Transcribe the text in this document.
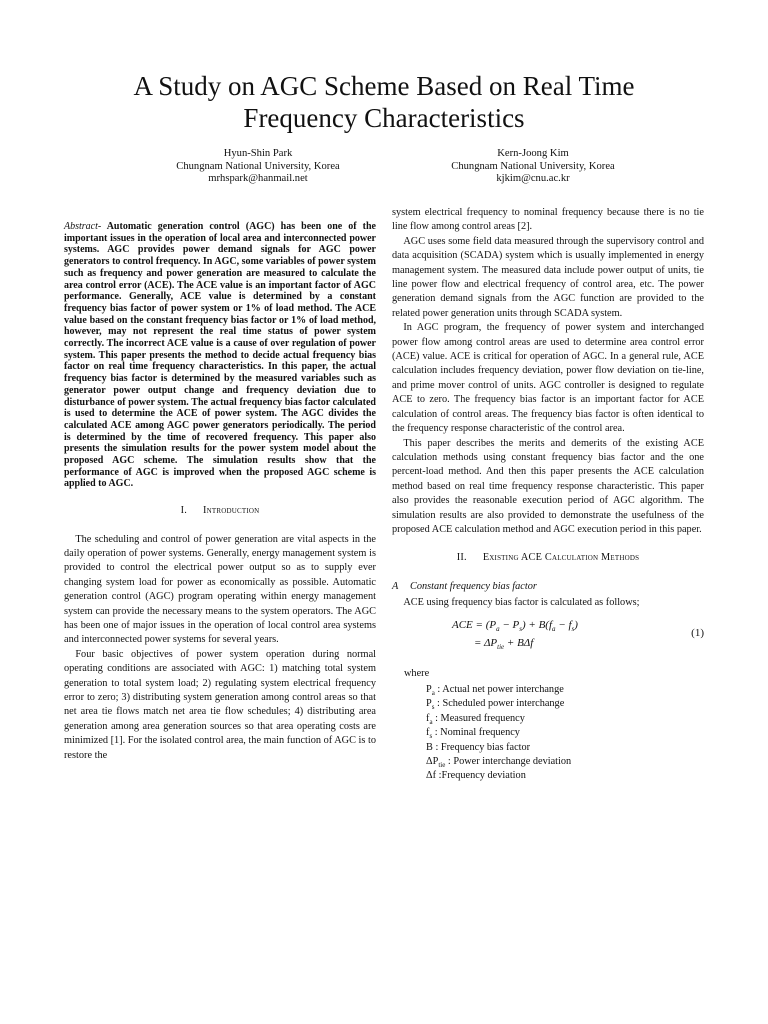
A Study on AGC Scheme Based on Real Time
Frequency Characteristics
Hyun-Shin Park
Chungnam National University, Korea
mrhspark@hanmail.net
Kern-Joong Kim
Chungnam National University, Korea
kjkim@cnu.ac.kr

Abstract- Automatic generation control (AGC) has been one of the important issues in the operation of local area and interconnected power systems. AGC provides power demand signals for AGC power generators to control frequency. In AGC, some variables of power system such as frequency and power generation are measured to calculate the area control error (ACE). The ACE value is an important factor of AGC performance. Generally, ACE value is determined by a constant frequency bias factor of power system or 1% of load method. The ACE value based on the constant frequency bias factor or 1% of load method, however, may not represent the real time status of power system correctly. The incorrect ACE value is a cause of over regulation of power system. This paper presents the method to decide actual frequency bias factor on real time frequency characteristics. In this paper, the actual frequency bias factor is determined by the measured variables such as generator power output change and frequency deviation due to disturbance of power system. The actual frequency bias factor calculated is used to determine the ACE of power system. The AGC divides the calculated ACE among AGC power generators periodically. The period is determined by the time of recovered frequency. This paper also presents the simulation results for the power system model about the proposed AGC scheme. The simulation results show that the performance of AGC is improved when the proposed AGC scheme is applied to AGC.

I. Introduction

The scheduling and control of power generation are vital aspects in the daily operation of power systems. Generally, energy management system is provided to control the electrical power output so as to supply ever changing system load for power as economically as possible. Automatic generation control (AGC) program operating within energy management system can provide the necessary means to the system operators. The AGC has been one of major issues in the operation of local control area systems and interconnected power systems for several years.

Four basic objectives of power system operation during normal operating conditions are associated with AGC: 1) matching total system generation to total system load; 2) regulating system electrical frequency error to zero; 3) distributing system generation among control areas so that net area tie flows match net area tie flow schedules; 4) distributing area generation among area generation sources so that area operating costs are minimized [1]. For the isolated control area, the main function of AGC is to restore the

system electrical frequency to nominal frequency because there is no tie line flow among control areas [2].

AGC uses some field data measured through the supervisory control and data acquisition (SCADA) system which is usually implemented in energy management system. The measured data include power output of units, tie line power flow and electrical frequency of control area, etc. The power generation demand signals from the AGC function are provided to the related power generation units through SCADA system.

In AGC program, the frequency of power system and interchanged power flow among control areas are used to determine area control error (ACE) value. ACE is critical for operation of AGC. In a general rule, ACE calculation includes frequency deviation, power flow deviation on tie-line, and prime mover control of units. AGC controller is designed to regulate ACE to zero. The frequency bias factor is an important factor for ACE calculation of control areas. The frequency bias factor is often identical to the frequency response characteristic of the control area.

This paper describes the merits and demerits of the existing ACE calculation methods using constant frequency bias factor and the one percent-load method. And then this paper presents the ACE calculation method based on real time frequency response characteristic. This paper also provides the reasonable execution period of AGC algorithm. The simulation results are also provided to demonstrate the usefulness of the proposed ACE calculation method and AGC execution period in this paper.

II. Existing ACE Calculation Methods
A Constant frequency bias factor

ACE using frequency bias factor is calculated as follows;

ACE = $(P_a - P_s) + B(f_a - f_s)$
= $\Delta P_{tie} + B\Delta f$
(1)
where
$P_a$ : Actual net power interchange
$P_s$ : Scheduled power interchange
$f_a$ : Measured frequency
$f_s$ : Nominal frequency
B : Frequency bias factor
$\Delta P_{tie}$ : Power interchange deviation
Δf :Frequency deviation
